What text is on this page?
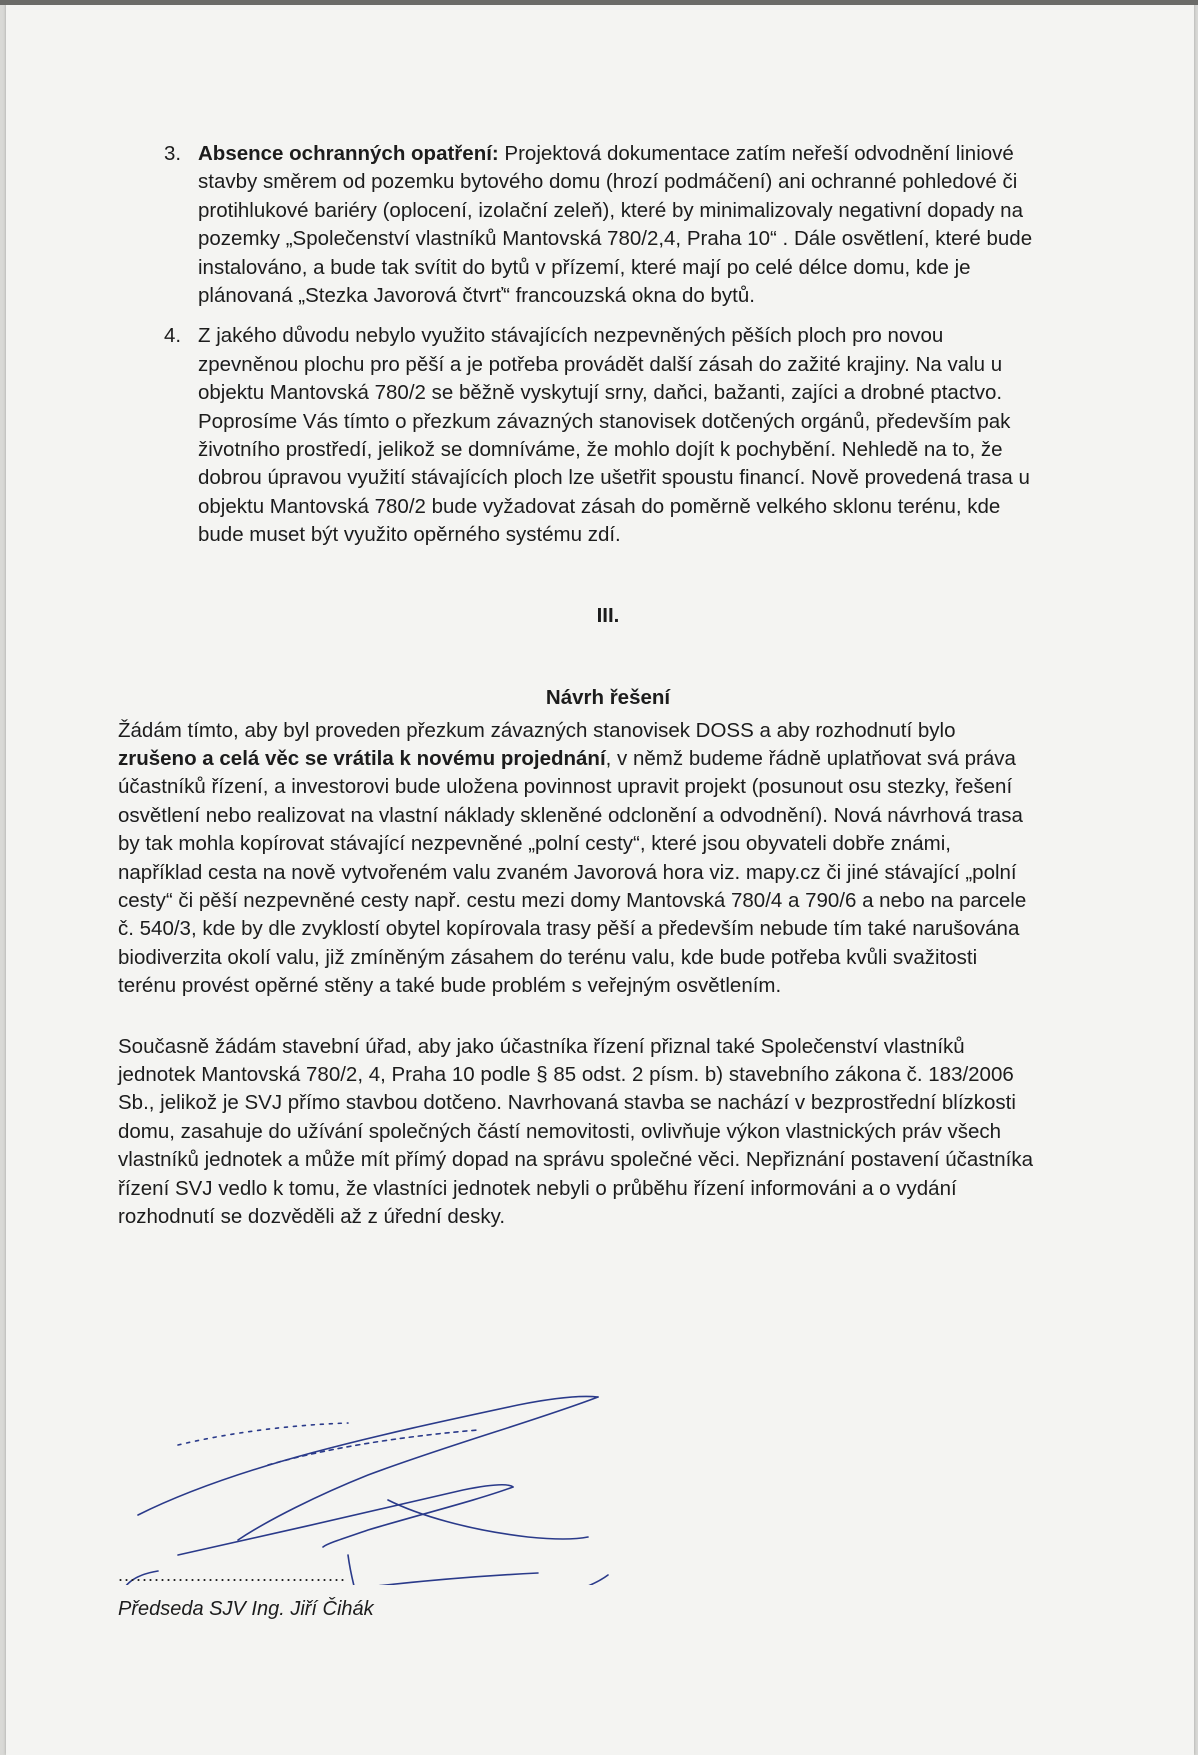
3. Absence ochranných opatření: Projektová dokumentace zatím neřeší odvodnění liniové stavby směrem od pozemku bytového domu (hrozí podmáčení) ani ochranné pohledové či protihlukové bariéry (oplocení, izolační zeleň), které by minimalizovaly negativní dopady na pozemky „Společenství vlastníků Mantovská 780/2,4, Praha 10“ . Dále osvětlení, které bude instalováno, a bude tak svítit do bytů v přízemí, které mají po celé délce domu, kde je plánovaná „Stezka Javorová čtvrť“ francouzská okna do bytů.
4. Z jakého důvodu nebylo využito stávajících nezpevněných pěších ploch pro novou zpevněnou plochu pro pěší a je potřeba provádět další zásah do zažité krajiny. Na valu u objektu Mantovská 780/2 se běžně vyskytují srny, daňci, bažanti, zajíci a drobné ptactvo. Poprosíme Vás tímto o přezkum závazných stanovisek dotčených orgánů, především pak životního prostředí, jelikož se domníváme, že mohlo dojít k pochybění. Nehledě na to, že dobrou úpravou využití stávajících ploch lze ušetřit spoustu financí. Nově provedená trasa u objektu Mantovská 780/2 bude vyžadovat zásah do poměrně velkého sklonu terénu, kde bude muset být využito opěrného systému zdí.
III.
Návrh řešení

Žádám tímto, aby byl proveden přezkum závazných stanovisek DOSS a aby rozhodnutí bylo zrušeno a celá věc se vrátila k novému projednání, v němž budeme řádně uplatňovat svá práva účastníků řízení, a investorovi bude uložena povinnost upravit projekt (posunout osu stezky, řešení osvětlení nebo realizovat na vlastní náklady skleněné odclonění a odvodnění). Nová návrhová trasa by tak mohla kopírovat stávající nezpevněné „polní cesty“, které jsou obyvateli dobře známi, například cesta na nově vytvořeném valu zvaném Javorová hora viz. mapy.cz či jiné stávající „polní cesty“ či pěší nezpevněné cesty např. cestu mezi domy Mantovská 780/4 a 790/6 a nebo na parcele č. 540/3, kde by dle zvyklostí obytel kopírovala trasy pěší a především nebude tím také narušována biodiverzita okolí valu, již zmíněným zásahem do terénu valu, kde bude potřeba kvůli svažitosti terénu provést opěrné stěny a také bude problém s veřejným osvětlením.

Současně žádám stavební úřad, aby jako účastníka řízení přiznal také Společenství vlastníků jednotek Mantovská 780/2, 4, Praha 10 podle § 85 odst. 2 písm. b) stavebního zákona č. 183/2006 Sb., jelikož je SVJ přímo stavbou dotčeno. Navrhovaná stavba se nachází v bezprostřední blízkosti domu, zasahuje do užívání společných částí nemovitosti, ovlivňuje výkon vlastnických práv všech vlastníků jednotek a může mít přímý dopad na správu společné věci. Nepřiznání postavení účastníka řízení SVJ vedlo k tomu, že vlastníci jednotek nebyli o průběhu řízení informováni a o vydání rozhodnutí se dozvěděli až z úřední desky.

......................................
Předseda SJV Ing. Jiří Čihák
